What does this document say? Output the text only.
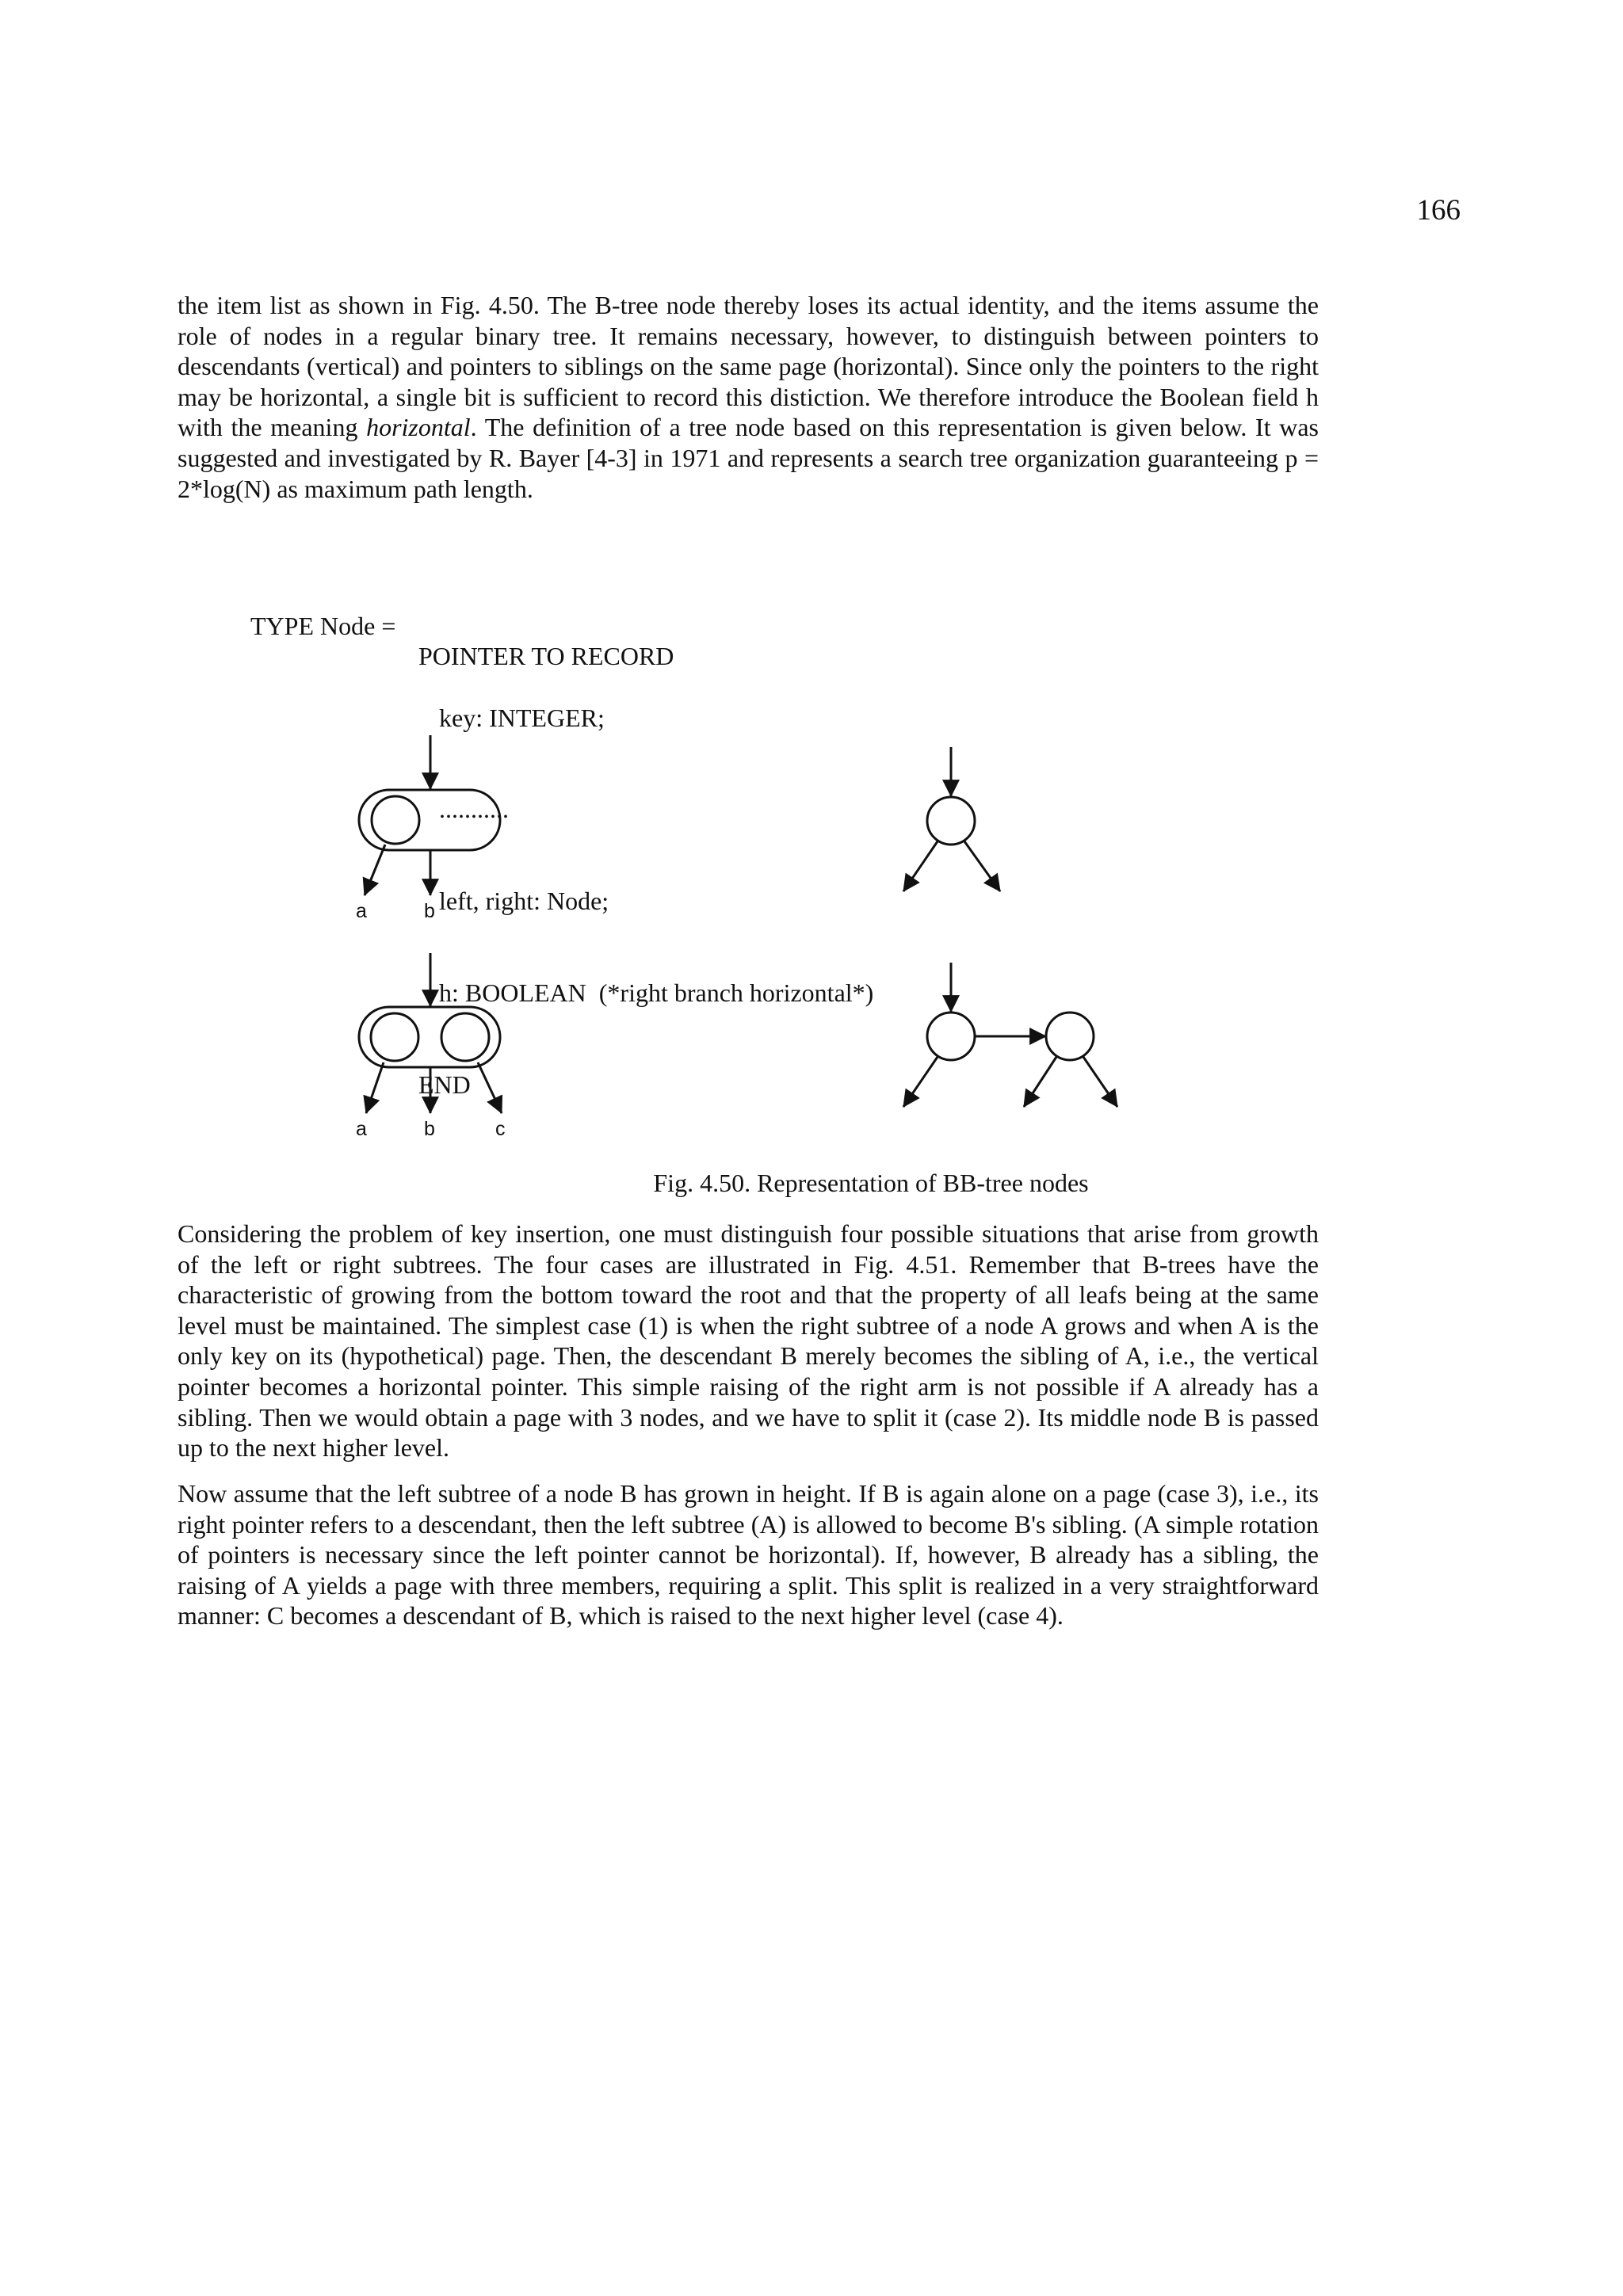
166

the item list as shown in Fig. 4.50. The B-tree node thereby loses its actual identity, and the items assume the role of nodes in a regular binary tree. It remains necessary, however, to distinguish between pointers to descendants (vertical) and pointers to siblings on the same page (horizontal). Since only the pointers to the right may be horizontal, a single bit is sufficient to record this distiction. We therefore introduce the Boolean field h with the meaning horizontal. The definition of a tree node based on this representation is given below. It was suggested and investigated by R. Bayer [4-3] in 1971 and represents a search tree organization guaranteeing p = 2*log(N) as maximum path length.

TYPE Node =

POINTER TO RECORD

key: INTEGER;

...........

left, right: Node;

h: BOOLEAN  (*right branch horizontal*)

END

a	b
a	b	c
Fig. 4.50. Representation of BB-tree nodes

Considering the problem of key insertion, one must distinguish four possible situations that arise from growth of the left or right subtrees. The four cases are illustrated in Fig. 4.51. Remember that B-trees have the characteristic of growing from the bottom toward the root and that the property of all leafs being at the same level must be maintained. The simplest case (1) is when the right subtree of a node A grows and when A is the only key on its (hypothetical) page. Then, the descendant B merely becomes the sibling of A, i.e., the vertical pointer becomes a horizontal pointer. This simple raising of the right arm is not possible if A already has a sibling. Then we would obtain a page with 3 nodes, and we have to split it (case 2). Its middle node B is passed up to the next higher level.

Now assume that the left subtree of a node B has grown in height. If B is again alone on a page (case 3), i.e., its right pointer refers to a descendant, then the left subtree (A) is allowed to become B's sibling. (A simple rotation of pointers is necessary since the left pointer cannot be horizontal). If, however, B already has a sibling, the raising of A yields a page with three members, requiring a split. This split is realized in a very straightforward manner: C becomes a descendant of B, which is raised to the next higher level (case 4).
